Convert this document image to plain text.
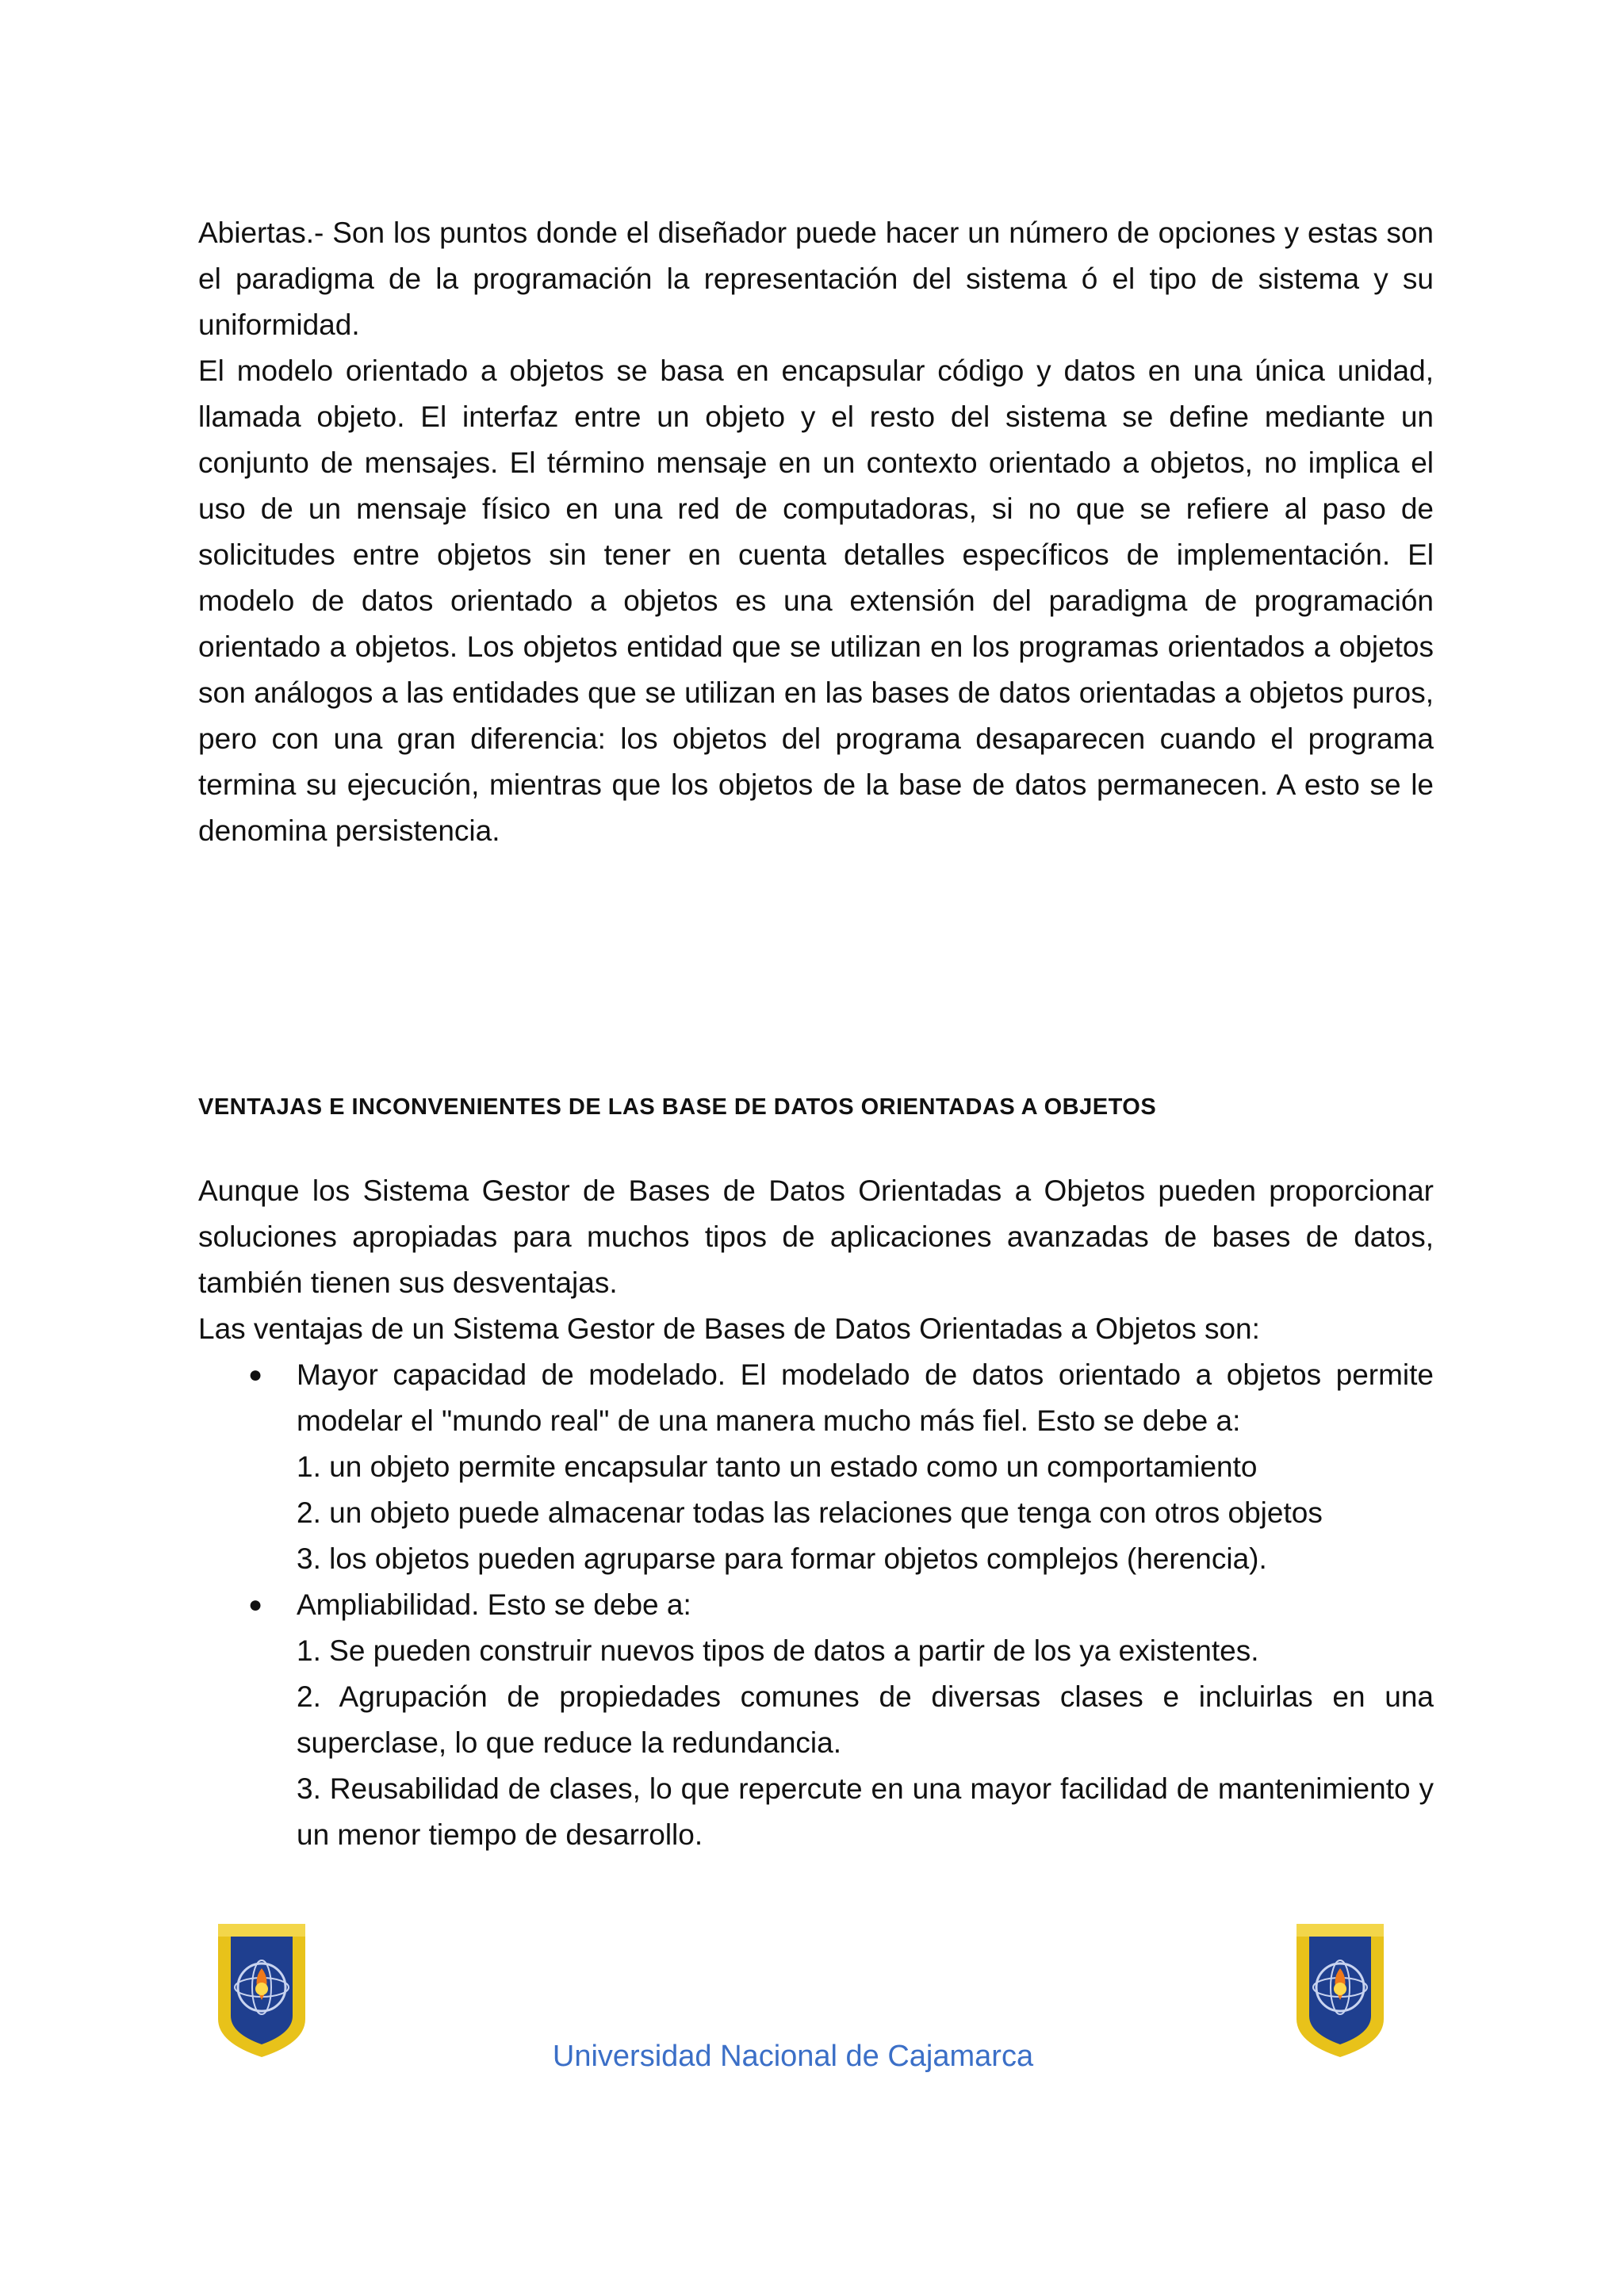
Abiertas.- Son los puntos donde el diseñador puede hacer un número de opciones y estas son el paradigma de la programación la representación del sistema ó el tipo de sistema y su uniformidad.

El modelo orientado a objetos se basa en encapsular código y datos en una única unidad, llamada objeto. El interfaz entre un objeto y el resto del sistema se define mediante un conjunto de mensajes. El término mensaje en un contexto orientado a objetos, no implica el uso de un mensaje físico en una red de computadoras, si no que se refiere al paso de solicitudes entre objetos sin tener en cuenta detalles específicos de implementación. El modelo de datos orientado a objetos es una extensión del paradigma de programación orientado a objetos. Los objetos entidad que se utilizan en los programas orientados a objetos son análogos a las entidades que se utilizan en las bases de datos orientadas a objetos puros, pero con una gran diferencia: los objetos del programa desaparecen cuando el programa termina su ejecución, mientras que los objetos de la base de datos permanecen. A esto se le denomina persistencia.

VENTAJAS E INCONVENIENTES DE LAS BASE DE DATOS ORIENTADAS A OBJETOS

Aunque los Sistema Gestor de Bases de Datos Orientadas a Objetos pueden proporcionar soluciones apropiadas para muchos tipos de aplicaciones avanzadas de bases de datos, también tienen sus desventajas.

Las ventajas de un Sistema Gestor de Bases de Datos Orientadas a Objetos son:

● Mayor capacidad de modelado. El modelado de datos orientado a objetos permite modelar el "mundo real" de una manera mucho más fiel. Esto se debe a:
1. un objeto permite encapsular tanto un estado como un comportamiento
2. un objeto puede almacenar todas las relaciones que tenga con otros objetos
3. los objetos pueden agruparse para formar objetos complejos (herencia).
● Ampliabilidad. Esto se debe a:
1. Se pueden construir nuevos tipos de datos a partir de los ya existentes.
2. Agrupación de propiedades comunes de diversas clases e incluirlas en una superclase, lo que reduce la redundancia.
3. Reusabilidad de clases, lo que repercute en una mayor facilidad de mantenimiento y un menor tiempo de desarrollo.
Universidad Nacional de Cajamarca
